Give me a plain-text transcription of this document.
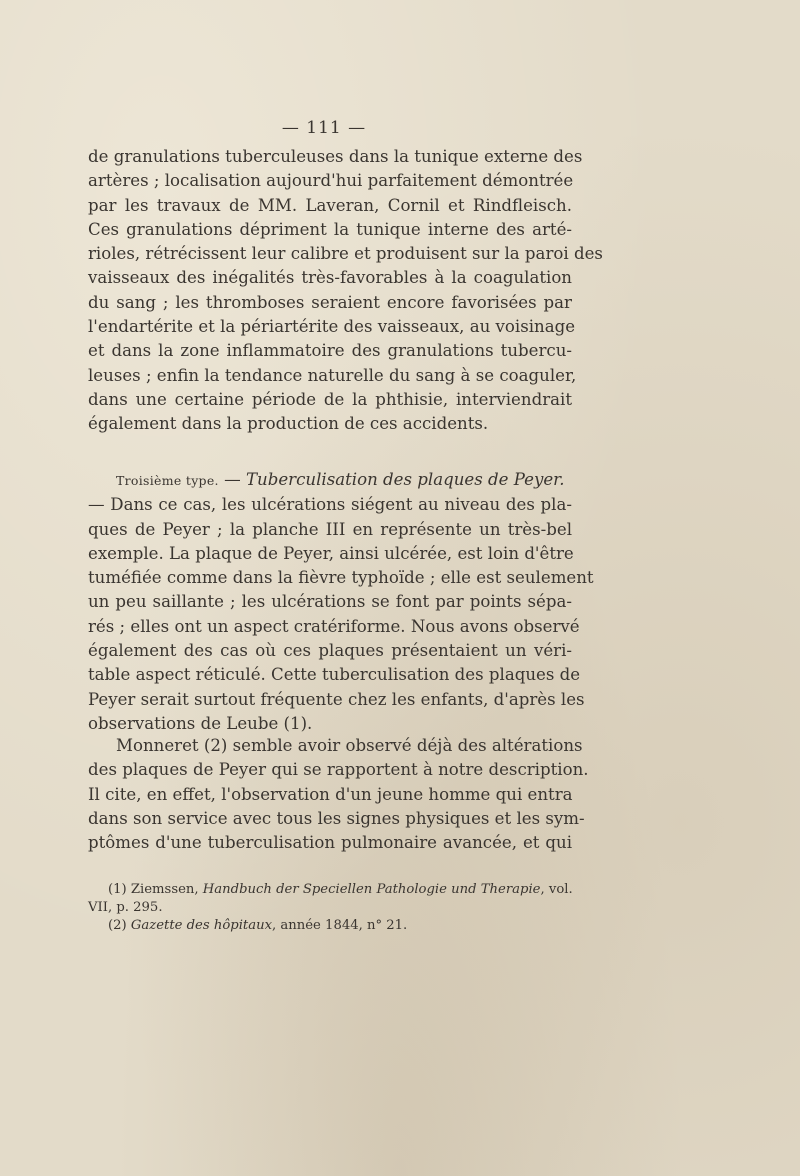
— 111 —
de granulations tuberculeuses dans la tunique externe des
artères ; localisation aujourd'hui parfaitement démontrée
par les travaux de MM. Laveran, Cornil et Rindfleisch.
Ces granulations dépriment la tunique interne des arté-
rioles, rétrécissent leur calibre et produisent sur la paroi des
vaisseaux des inégalités très-favorables à la coagulation
du sang ; les thromboses seraient encore favorisées par
l'endartérite et la périartérite des vaisseaux, au voisinage
et dans la zone inflammatoire des granulations tubercu-
leuses ; enfin la tendance naturelle du sang à se coaguler,
dans une certaine période de la phthisie, interviendrait
également dans la production de ces accidents.
Troisième type. — Tuberculisation des plaques de Peyer.
— Dans ce cas, les ulcérations siégent au niveau des pla-
ques de Peyer ; la planche III en représente un très-bel
exemple. La plaque de Peyer, ainsi ulcérée, est loin d'être
tuméfiée comme dans la fièvre typhoïde ; elle est seulement
un peu saillante ; les ulcérations se font par points sépa-
rés ; elles ont un aspect cratériforme. Nous avons observé
également des cas où ces plaques présentaient un véri-
table aspect réticulé. Cette tuberculisation des plaques de
Peyer serait surtout fréquente chez les enfants, d'après les
observations de Leube (1).
Monneret (2) semble avoir observé déjà des altérations
des plaques de Peyer qui se rapportent à notre description.
Il cite, en effet, l'observation d'un jeune homme qui entra
dans son service avec tous les signes physiques et les sym-
ptômes d'une tuberculisation pulmonaire avancée, et qui
(1) Ziemssen, Handbuch der Speciellen Pathologie und Therapie, vol.
VII, p. 295.
(2) Gazette des hôpitaux, année 1844, n° 21.
